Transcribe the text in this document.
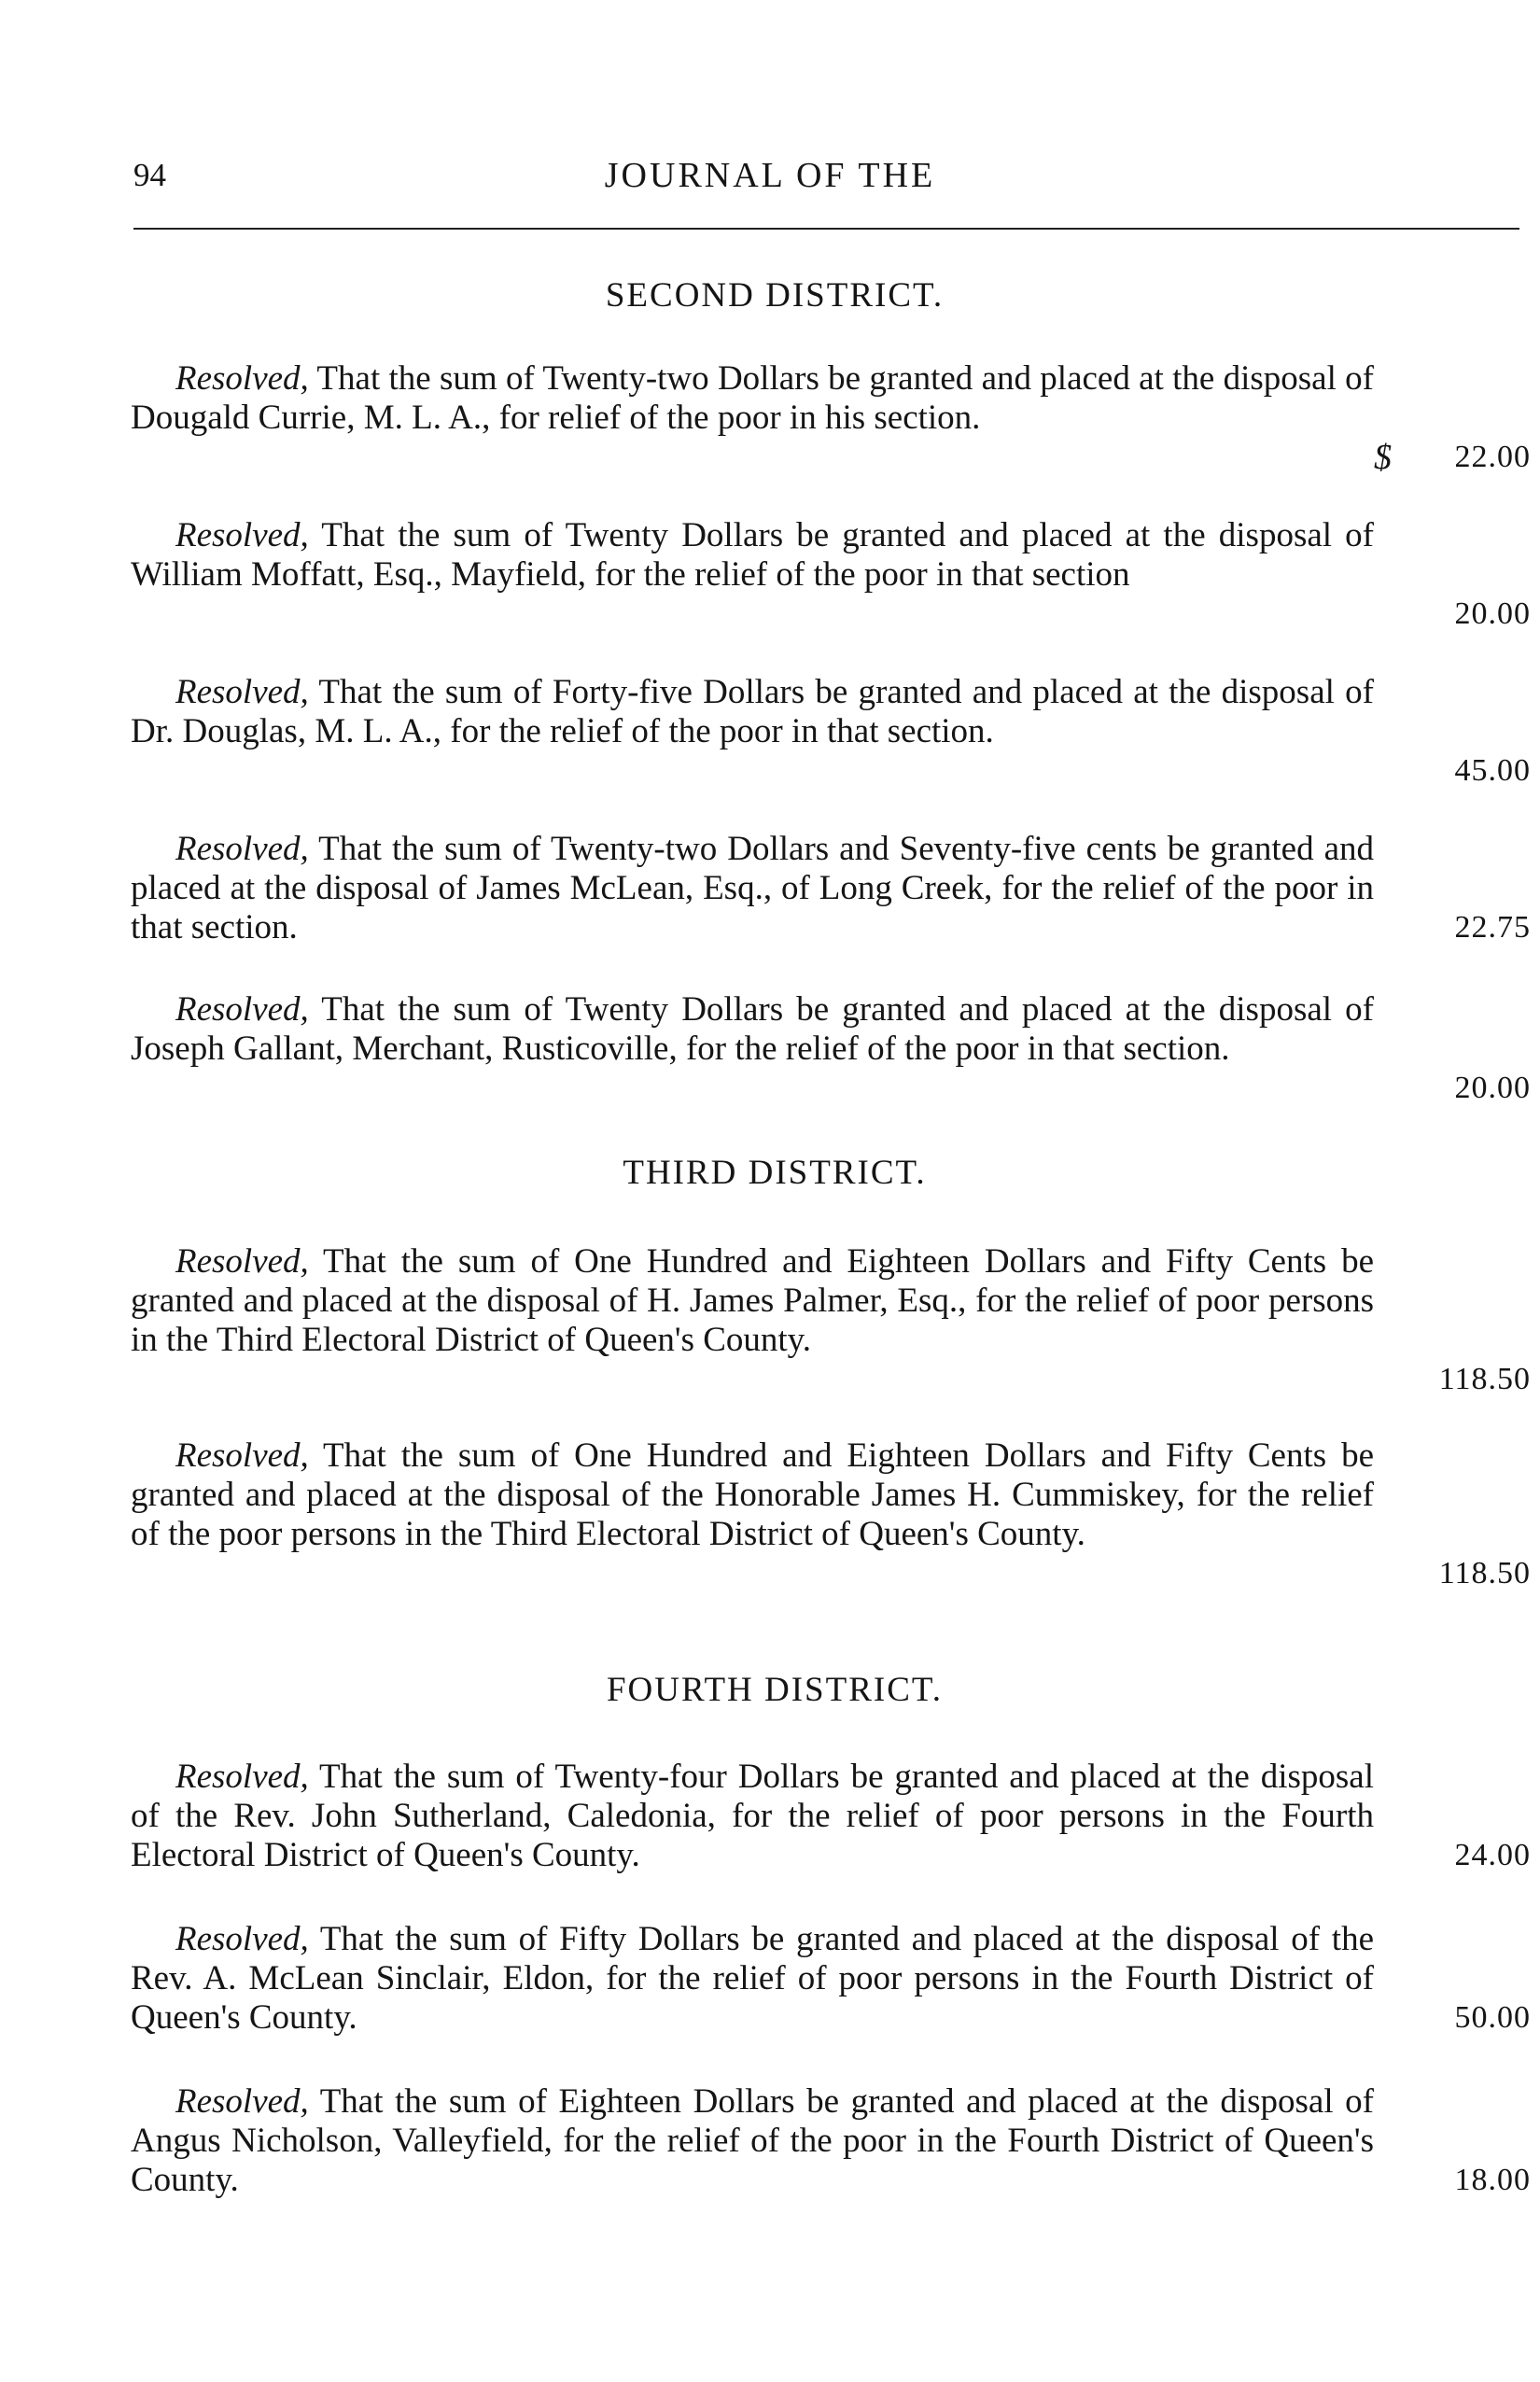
94	JOURNAL OF THE
SECOND DISTRICT.
Resolved, That the sum of Twenty-two Dollars be granted and placed at the disposal of Dougald Currie, M. L. A., for relief of the poor in his section.
$	22.00
Resolved, That the sum of Twenty Dollars be granted and placed at the disposal of William Moffatt, Esq., Mayfield, for the relief of the poor in that section
20.00
Resolved, That the sum of Forty-five Dollars be granted and placed at the disposal of Dr. Douglas, M. L. A., for the relief of the poor in that section.
45.00
Resolved, That the sum of Twenty-two Dollars and Seventy-five cents be granted and placed at the disposal of James McLean, Esq., of Long Creek, for the relief of the poor in that section.	22.75
Resolved, That the sum of Twenty Dollars be granted and placed at the disposal of Joseph Gallant, Merchant, Rusticoville, for the relief of the poor in that section.
20.00
THIRD DISTRICT.
Resolved, That the sum of One Hundred and Eighteen Dollars and Fifty Cents be granted and placed at the disposal of H. James Palmer, Esq., for the relief of poor persons in the Third Electoral District of Queen's County.
118.50
Resolved, That the sum of One Hundred and Eighteen Dollars and Fifty Cents be granted and placed at the disposal of the Honorable James H. Cummiskey, for the relief of the poor persons in the Third Electoral District of Queen's County.
118.50
FOURTH DISTRICT.
Resolved, That the sum of Twenty-four Dollars be granted and placed at the disposal of the Rev. John Sutherland, Caledonia, for the relief of poor persons in the Fourth Electoral District of Queen's County.	24.00
Resolved, That the sum of Fifty Dollars be granted and placed at the disposal of the Rev. A. McLean Sinclair, Eldon, for the relief of poor persons in the Fourth District of Queen's County.	50.00
Resolved, That the sum of Eighteen Dollars be granted and placed at the disposal of Angus Nicholson, Valleyfield, for the relief of the poor in the Fourth District of Queen's County.	18.00
